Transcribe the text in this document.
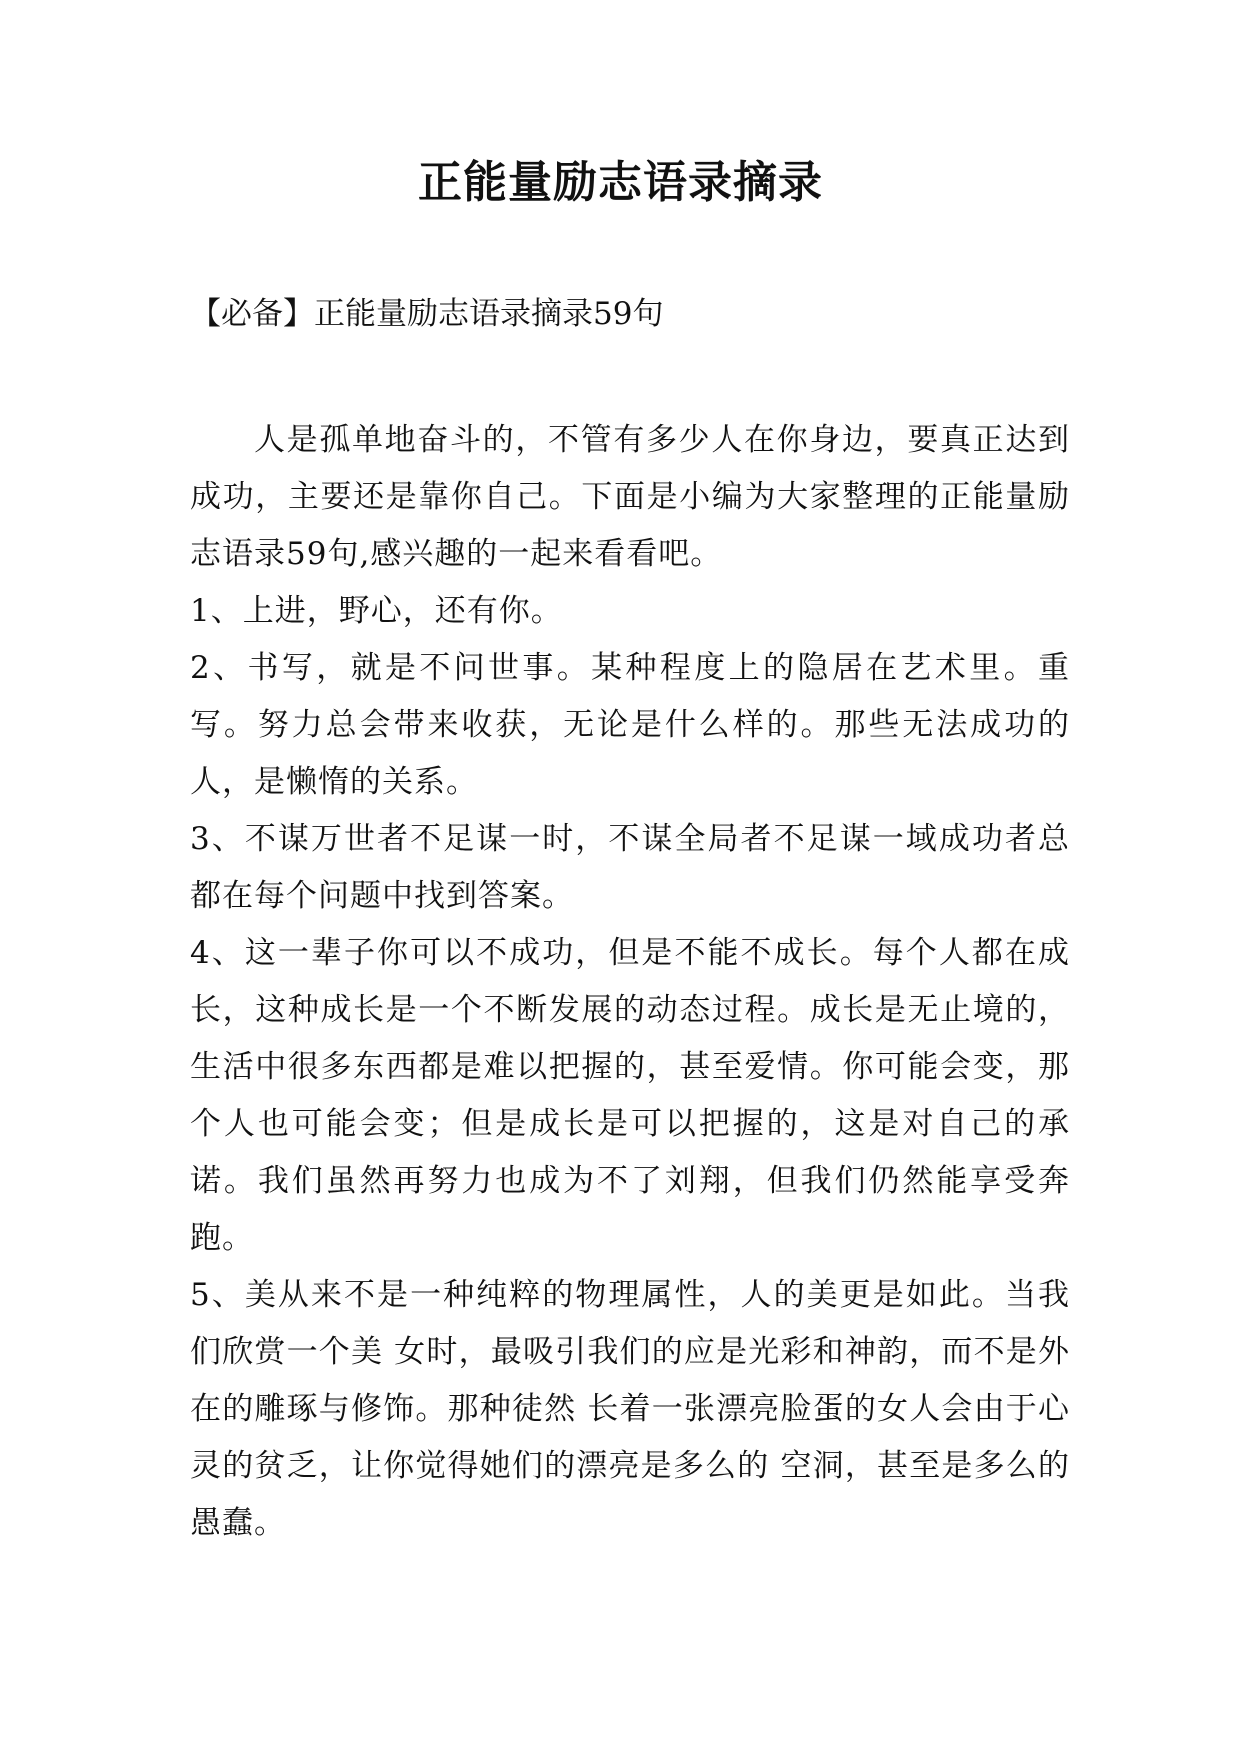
正能量励志语录摘录
【必备】正能量励志语录摘录59句

人是孤单地奋斗的，不管有多少人在你身边，要真正达到成功，主要还是靠你自己。下面是小编为大家整理的正能量励志语录59句,感兴趣的一起来看看吧。

1、上进，野心，还有你。

2、书写，就是不问世事。某种程度上的隐居在艺术里。重写。努力总会带来收获，无论是什么样的。那些无法成功的人，是懒惰的关系。

3、不谋万世者不足谋一时，不谋全局者不足谋一域成功者总都在每个问题中找到答案。

4、这一辈子你可以不成功，但是不能不成长。每个人都在成长，这种成长是一个不断发展的动态过程。成长是无止境的，生活中很多东西都是难以把握的，甚至爱情。你可能会变，那个人也可能会变；但是成长是可以把握的，这是对自己的承诺。我们虽然再努力也成为不了刘翔，但我们仍然能享受奔跑。

5、美从来不是一种纯粹的物理属性，人的美更是如此。当我们欣赏一个美 女时，最吸引我们的应是光彩和神韵，而不是外在的雕琢与修饰。那种徒然 长着一张漂亮脸蛋的女人会由于心灵的贫乏，让你觉得她们的漂亮是多么的 空洞，甚至是多么的愚蠢。
